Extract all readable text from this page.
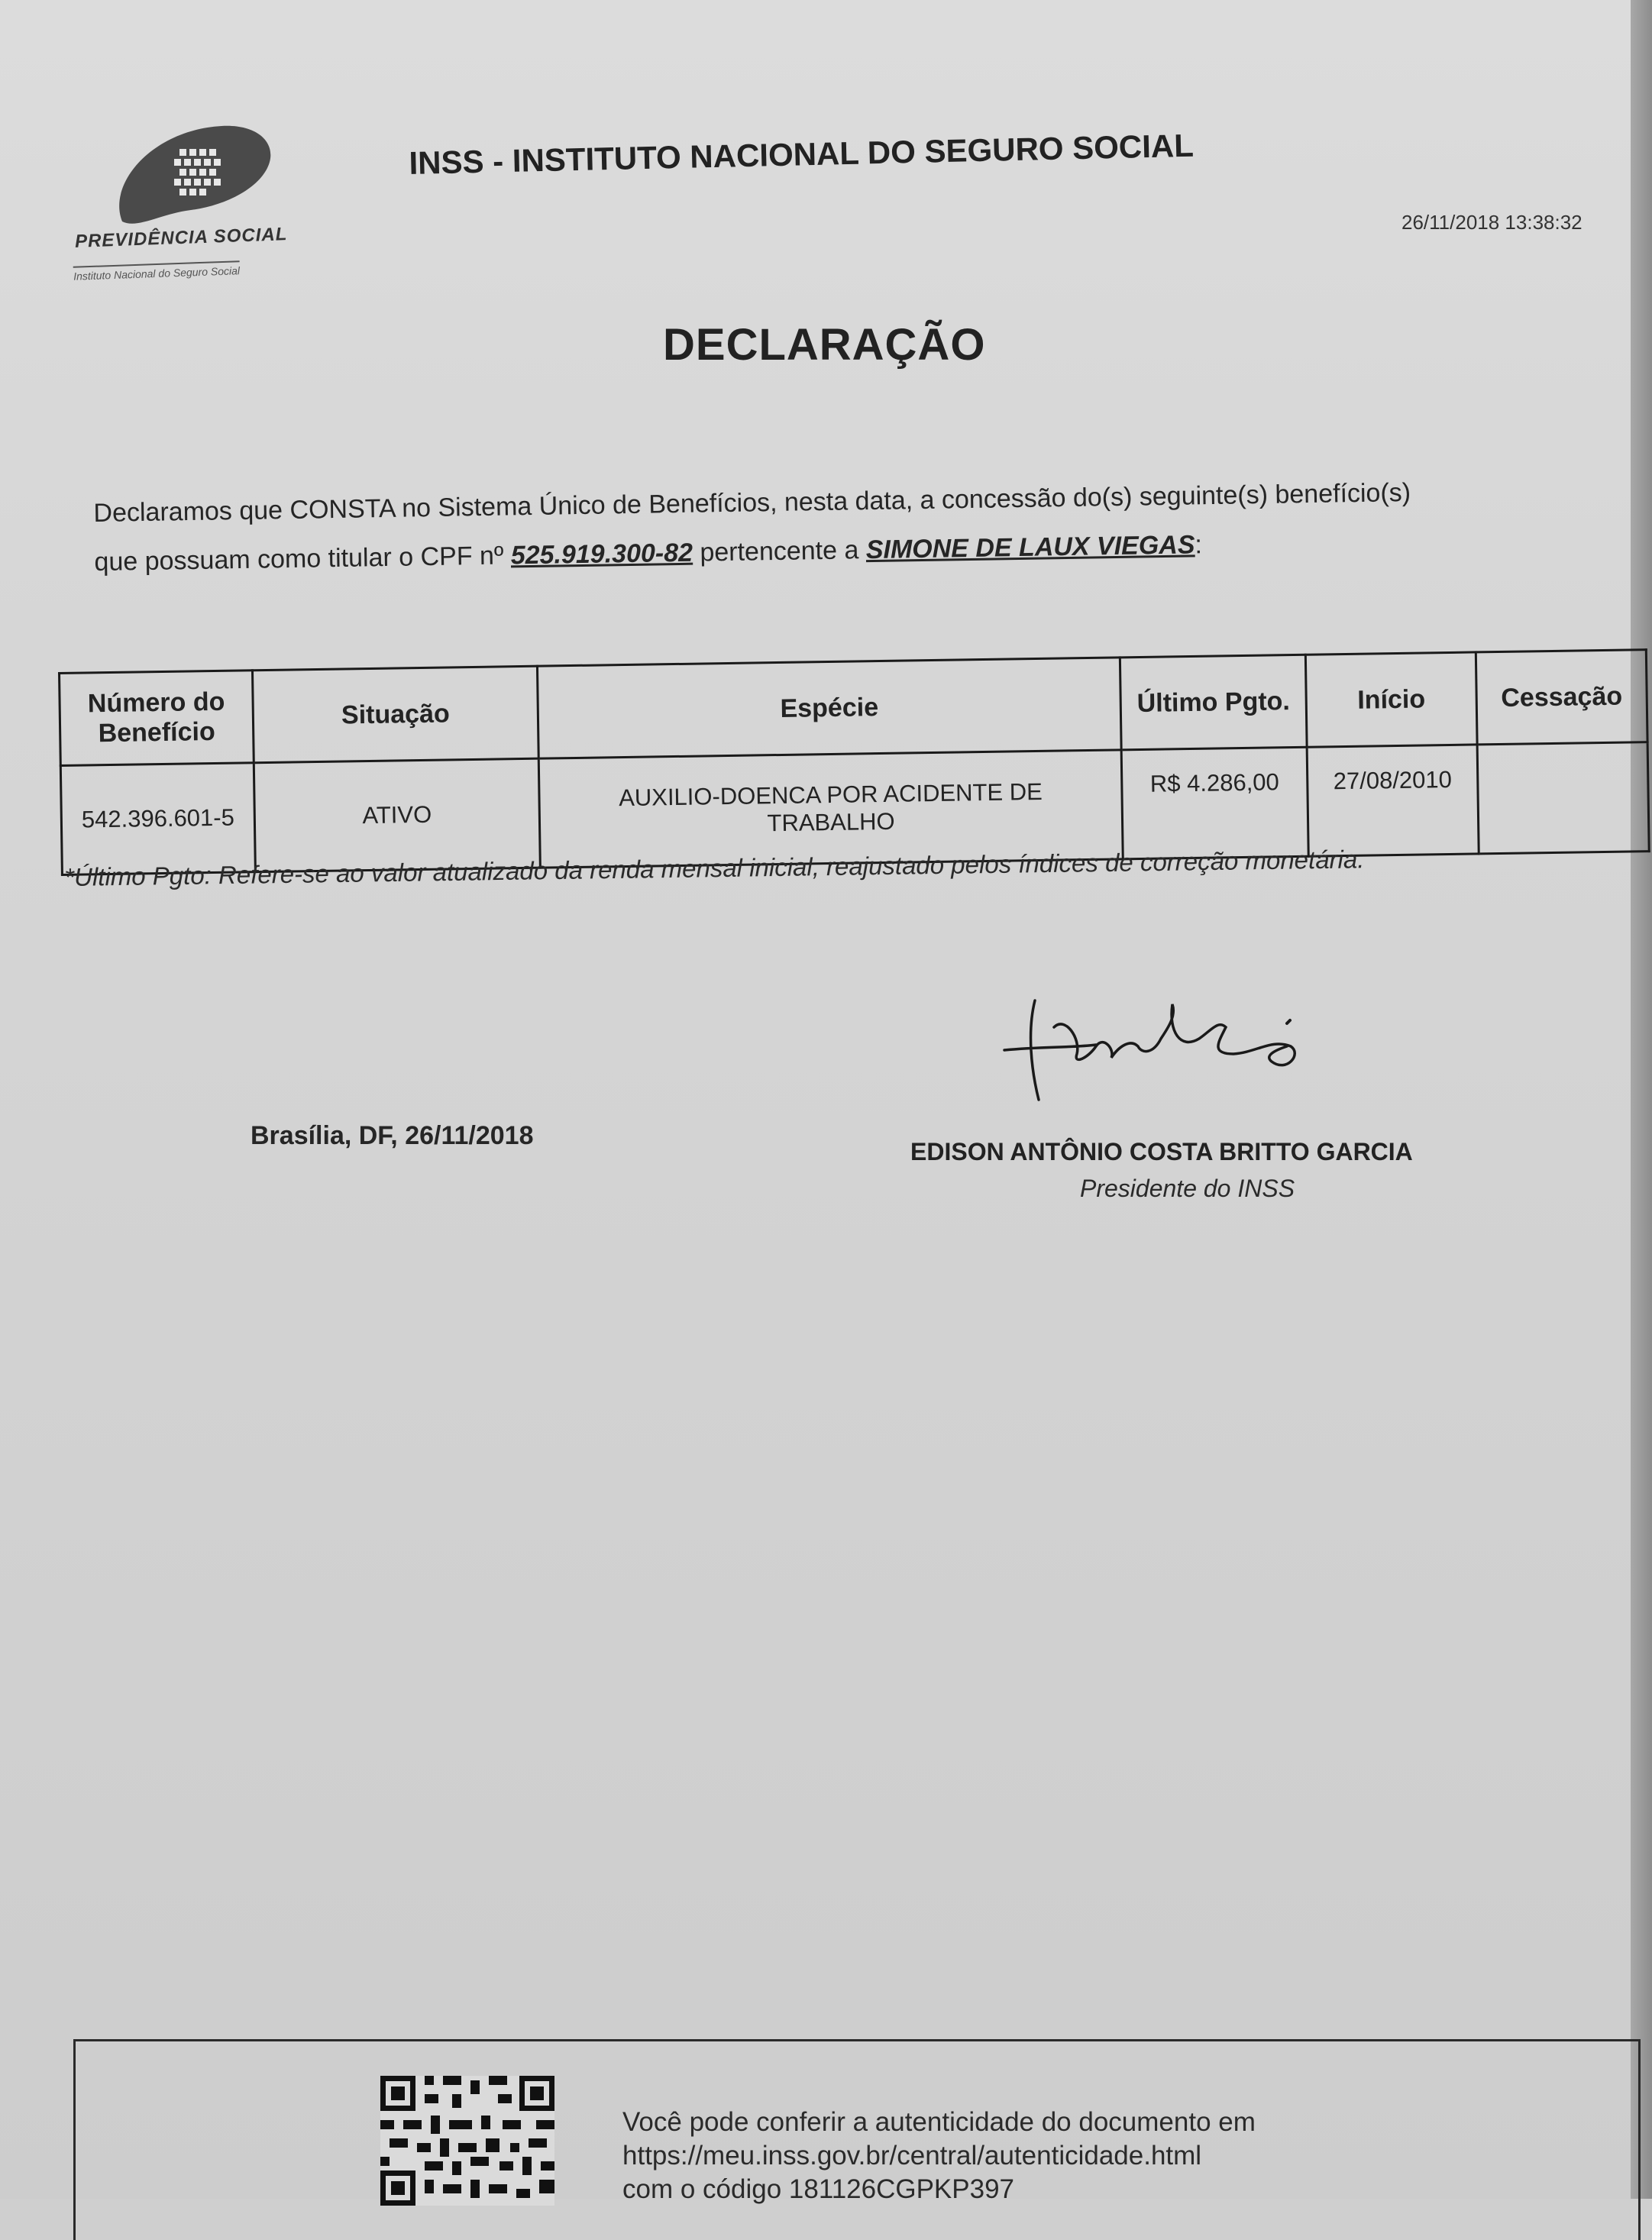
PREVIDÊNCIA SOCIAL
Instituto Nacional do Seguro Social
INSS - INSTITUTO NACIONAL DO SEGURO SOCIAL
26/11/2018 13:38:32
DECLARAÇÃO
Declaramos que CONSTA no Sistema Único de Benefícios, nesta data, a concessão do(s) seguinte(s) benefício(s)
que possuam como titular o CPF nº 525.919.300-82 pertencente a SIMONE DE LAUX VIEGAS:
Número do
Benefício	Situação	Espécie	Último Pgto.	Início	Cessação
542.396.601-5	ATIVO	AUXILIO-DOENCA POR ACIDENTE DE
TRABALHO	R$ 4.286,00	27/08/2010	
*Último Pgto: Refere-se ao valor atualizado da renda mensal inicial, reajustado pelos índices de correção monetária.
Brasília, DF, 26/11/2018
EDISON ANTÔNIO COSTA BRITTO GARCIA
Presidente do INSS
Você pode conferir a autenticidade do documento em
https://meu.inss.gov.br/central/autenticidade.html
com o código 181126CGPKP397
